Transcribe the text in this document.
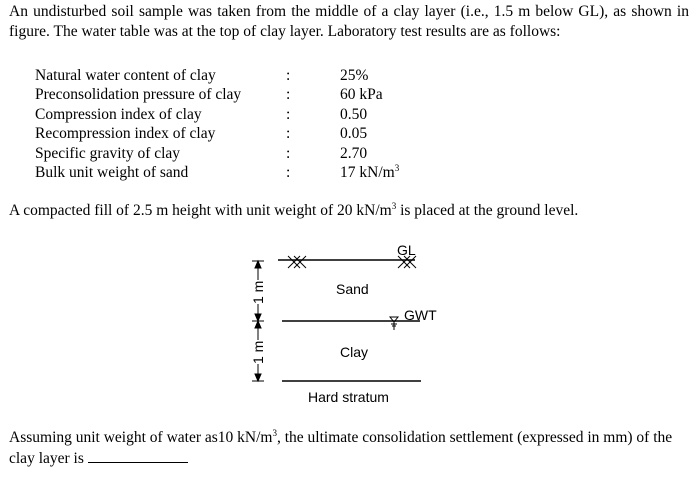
An undisturbed soil sample was taken from the middle of a clay layer (i.e., 1.5 m below GL), as shown in figure. The water table was at the top of clay layer. Laboratory test results are as follows:

Natural water content of clay	:	25%
Preconsolidation pressure of clay	:	60 kPa
Compression index of clay	:	0.50
Recompression index of clay	:	0.05
Specific gravity of clay	:	2.70
Bulk unit weight of sand	:	17 $kN/m^3$
A compacted fill of 2.5 m height with unit weight of 20 $kN/m^3$ is placed at the ground level.
GL
Sand
GWT
Clay
Hard stratum
1 m
1 m

Assuming unit weight of water as10 $kN/m^3$, the ultimate consolidation settlement (expressed in mm) of the clay layer is
